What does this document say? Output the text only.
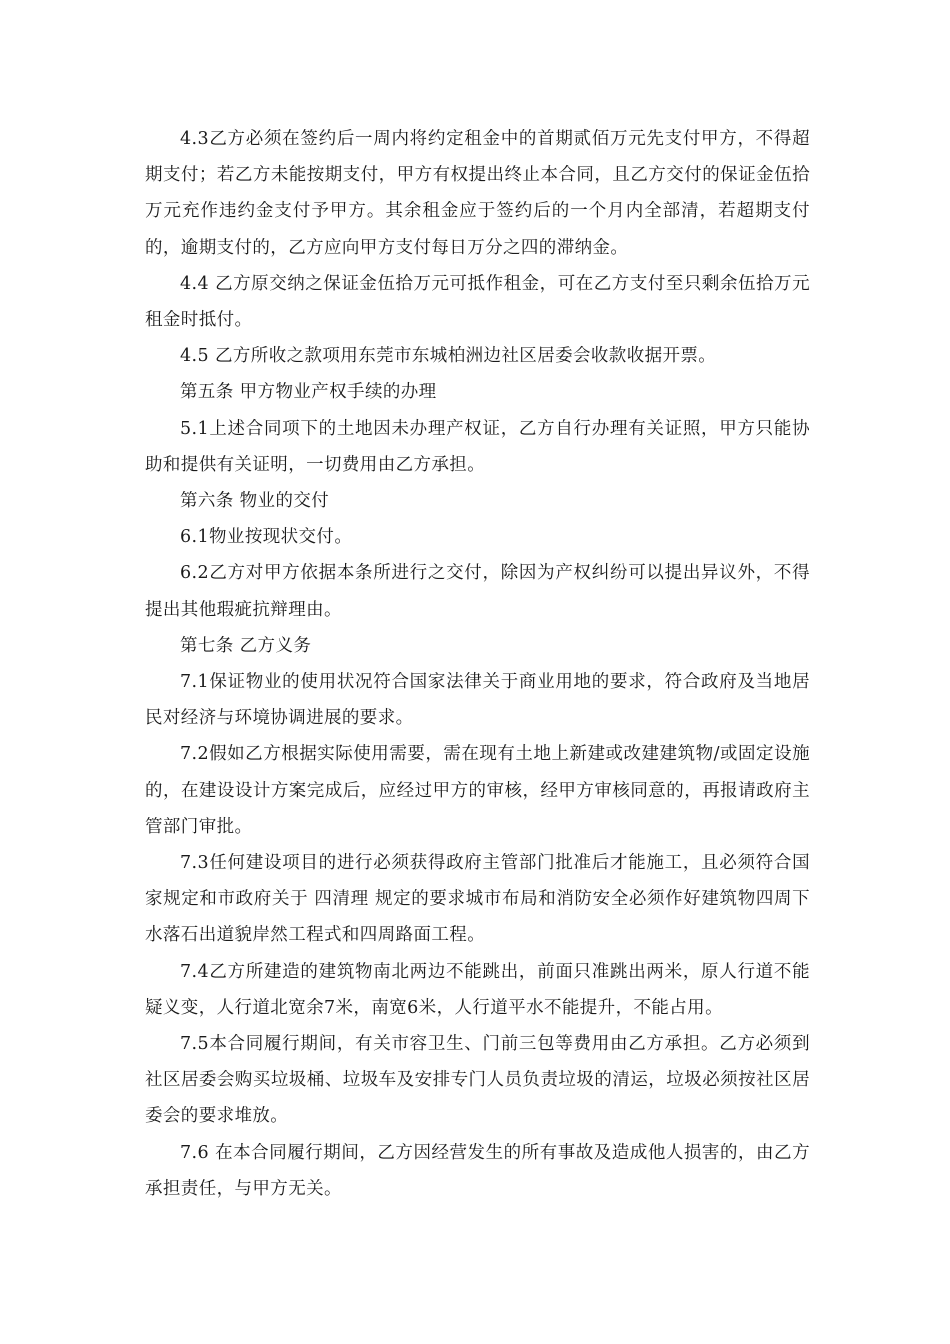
4.3乙方必须在签约后一周内将约定租金中的首期贰佰万元先支付甲方，不得超期支付；若乙方未能按期支付，甲方有权提出终止本合同，且乙方交付的保证金伍拾万元充作违约金支付予甲方。其余租金应于签约后的一个月内全部清，若超期支付的，逾期支付的，乙方应向甲方支付每日万分之四的滞纳金。

4.4 乙方原交纳之保证金伍拾万元可抵作租金，可在乙方支付至只剩余伍拾万元租金时抵付。

4.5 乙方所收之款项用东莞市东城柏洲边社区居委会收款收据开票。

第五条 甲方物业产权手续的办理

5.1上述合同项下的土地因未办理产权证，乙方自行办理有关证照，甲方只能协助和提供有关证明，一切费用由乙方承担。

第六条 物业的交付

6.1物业按现状交付。

6.2乙方对甲方依据本条所进行之交付，除因为产权纠纷可以提出异议外，不得提出其他瑕疵抗辩理由。

第七条 乙方义务

7.1保证物业的使用状况符合国家法律关于商业用地的要求，符合政府及当地居民对经济与环境协调进展的要求。

7.2假如乙方根据实际使用需要，需在现有土地上新建或改建建筑物/或固定设施的，在建设设计方案完成后，应经过甲方的审核，经甲方审核同意的，再报请政府主管部门审批。

7.3任何建设项目的进行必须获得政府主管部门批准后才能施工，且必须符合国家规定和市政府关于 四清理 规定的要求城市布局和消防安全必须作好建筑物四周下水落石出道貌岸然工程式和四周路面工程。

7.4乙方所建造的建筑物南北两边不能跳出，前面只准跳出两米，原人行道不能疑义变，人行道北宽余7米，南宽6米，人行道平水不能提升，不能占用。

7.5本合同履行期间，有关市容卫生、门前三包等费用由乙方承担。乙方必须到社区居委会购买垃圾桶、垃圾车及安排专门人员负责垃圾的清运，垃圾必须按社区居委会的要求堆放。

7.6 在本合同履行期间，乙方因经营发生的所有事故及造成他人损害的，由乙方承担责任，与甲方无关。
